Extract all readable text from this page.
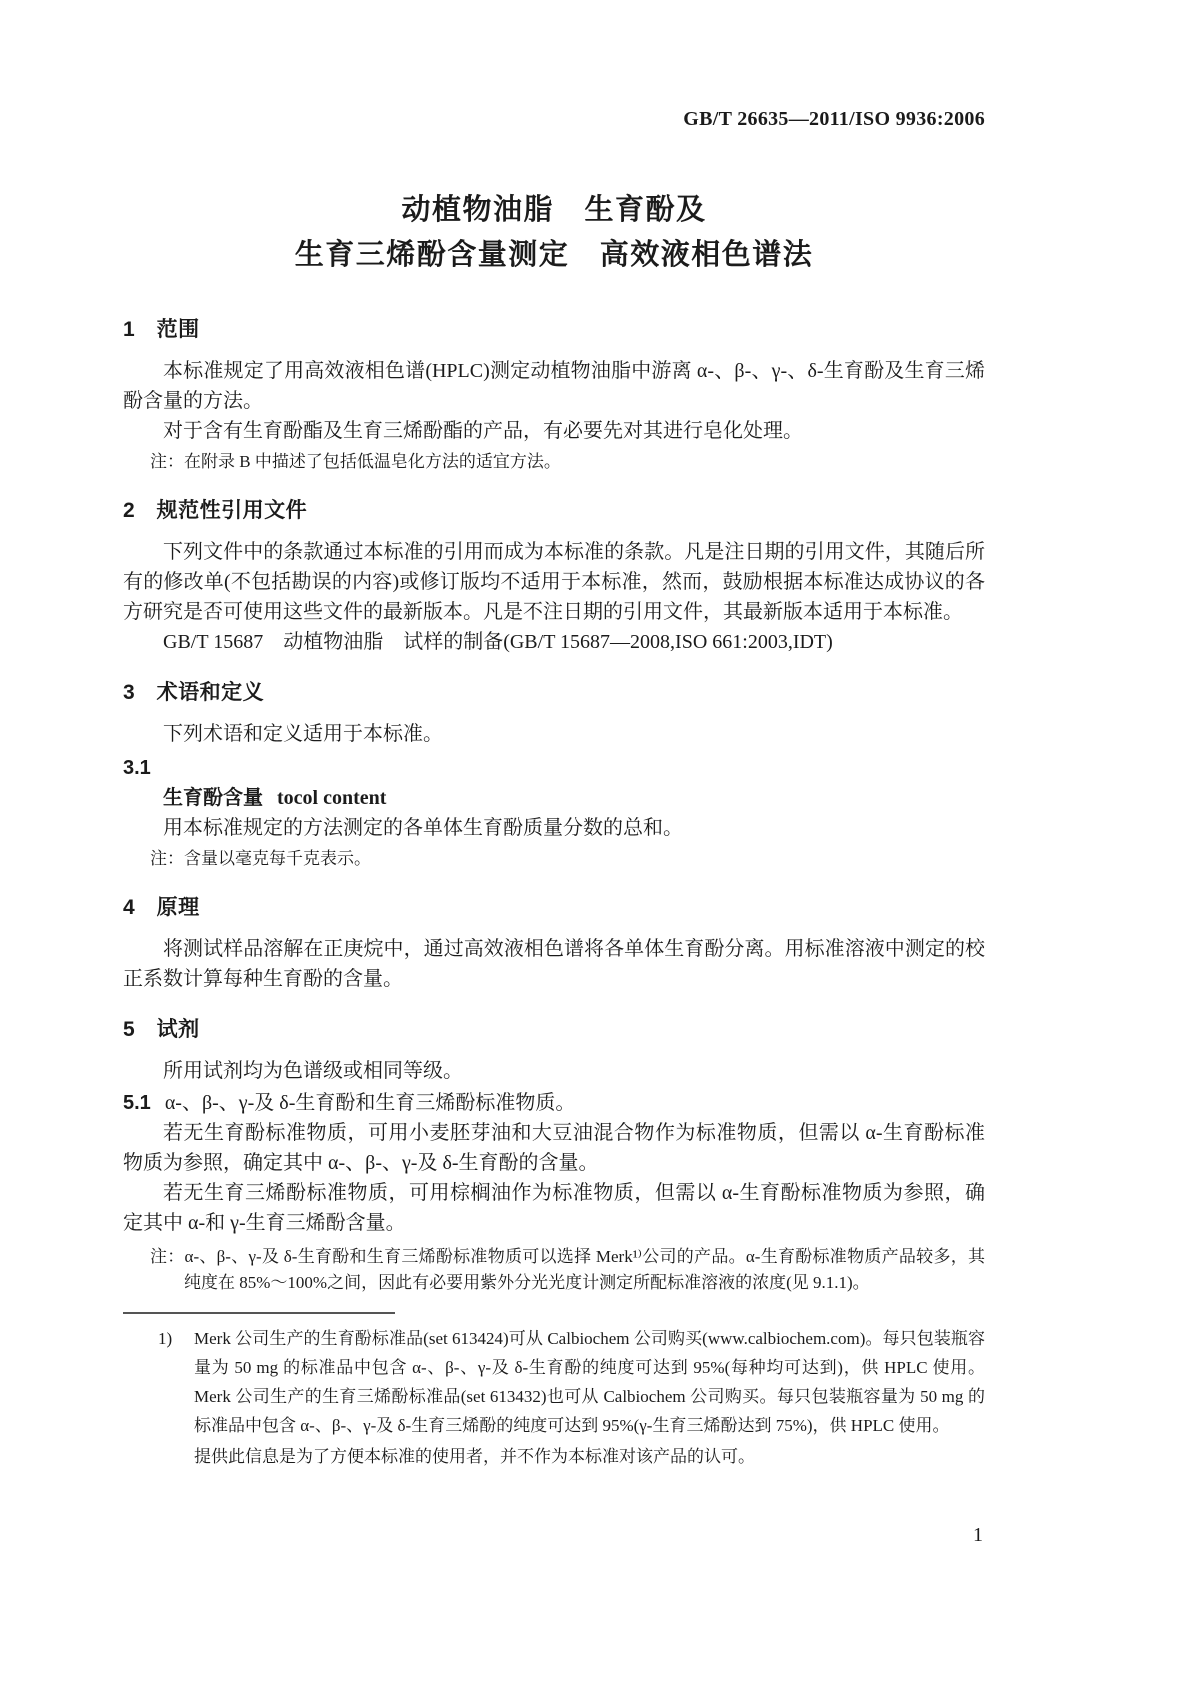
GB/T 26635—2011/ISO 9936:2006
动植物油脂　生育酚及
生育三烯酚含量测定　高效液相色谱法
1　范围

本标准规定了用高效液相色谱(HPLC)测定动植物油脂中游离 α-、β-、γ-、δ-生育酚及生育三烯酚含量的方法。

对于含有生育酚酯及生育三烯酚酯的产品，有必要先对其进行皂化处理。

注：在附录 B 中描述了包括低温皂化方法的适宜方法。

2　规范性引用文件

下列文件中的条款通过本标准的引用而成为本标准的条款。凡是注日期的引用文件，其随后所有的修改单(不包括勘误的内容)或修订版均不适用于本标准，然而，鼓励根据本标准达成协议的各方研究是否可使用这些文件的最新版本。凡是不注日期的引用文件，其最新版本适用于本标准。

GB/T 15687　动植物油脂　试样的制备(GB/T 15687—2008,ISO 661:2003,IDT)

3　术语和定义

下列术语和定义适用于本标准。

3.1

生育酚含量 tocol content

用本标准规定的方法测定的各单体生育酚质量分数的总和。

注：含量以毫克每千克表示。

4　原理

将测试样品溶解在正庚烷中，通过高效液相色谱将各单体生育酚分离。用标准溶液中测定的校正系数计算每种生育酚的含量。

5　试剂

所用试剂均为色谱级或相同等级。

5.1 α-、β-、γ-及 δ-生育酚和生育三烯酚标准物质。

若无生育酚标准物质，可用小麦胚芽油和大豆油混合物作为标准物质，但需以 α-生育酚标准物质为参照，确定其中 α-、β-、γ-及 δ-生育酚的含量。

若无生育三烯酚标准物质，可用棕榈油作为标准物质，但需以 α-生育酚标准物质为参照，确定其中 α-和 γ-生育三烯酚含量。

注：α-、β-、γ-及 δ-生育酚和生育三烯酚标准物质可以选择 Merk¹⁾公司的产品。α-生育酚标准物质产品较多，其纯度在 85%～100%之间，因此有必要用紫外分光光度计测定所配标准溶液的浓度(见 9.1.1)。

1) Merk 公司生产的生育酚标准品(set 613424)可从 Calbiochem 公司购买(www.calbiochem.com)。每只包装瓶容量为 50 mg 的标准品中包含 α-、β-、γ-及 δ-生育酚的纯度可达到 95%(每种均可达到)，供 HPLC 使用。Merk 公司生产的生育三烯酚标准品(set 613432)也可从 Calbiochem 公司购买。每只包装瓶容量为 50 mg 的标准品中包含 α-、β-、γ-及 δ-生育三烯酚的纯度可达到 95%(γ-生育三烯酚达到 75%)，供 HPLC 使用。

提供此信息是为了方便本标准的使用者，并不作为本标准对该产品的认可。

1
